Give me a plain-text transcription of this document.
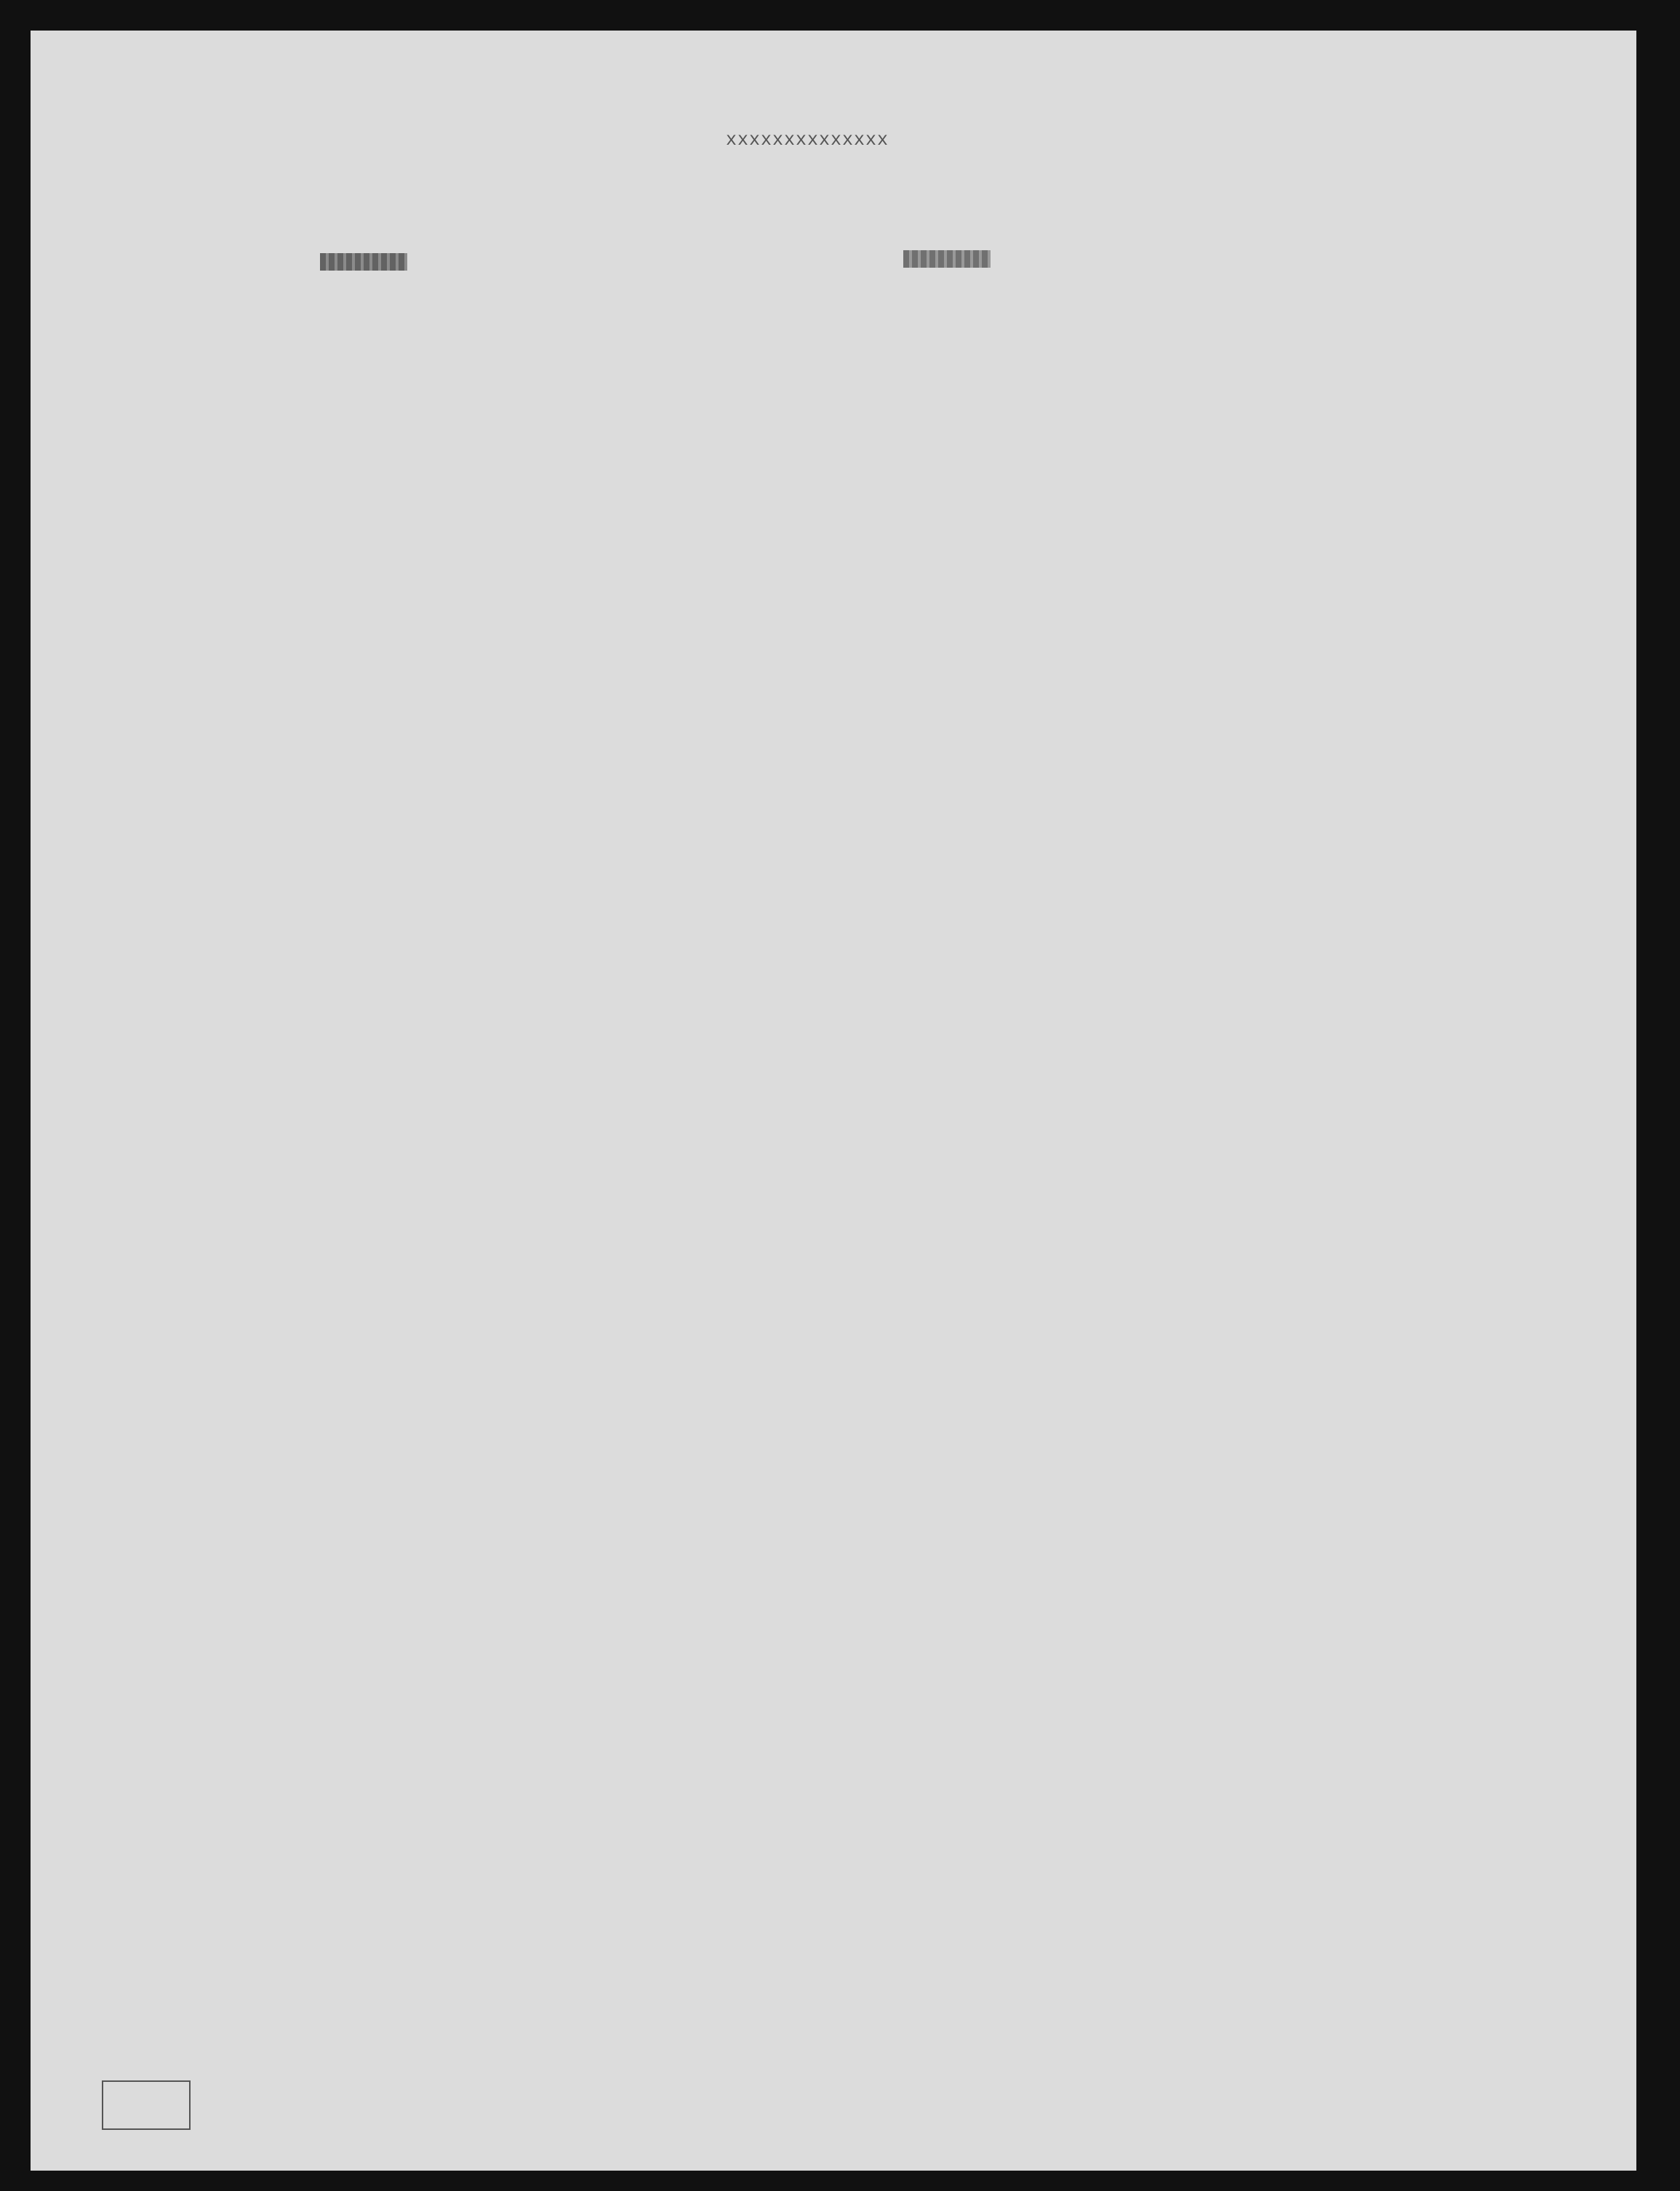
xxxxxxxxxxxxxx
